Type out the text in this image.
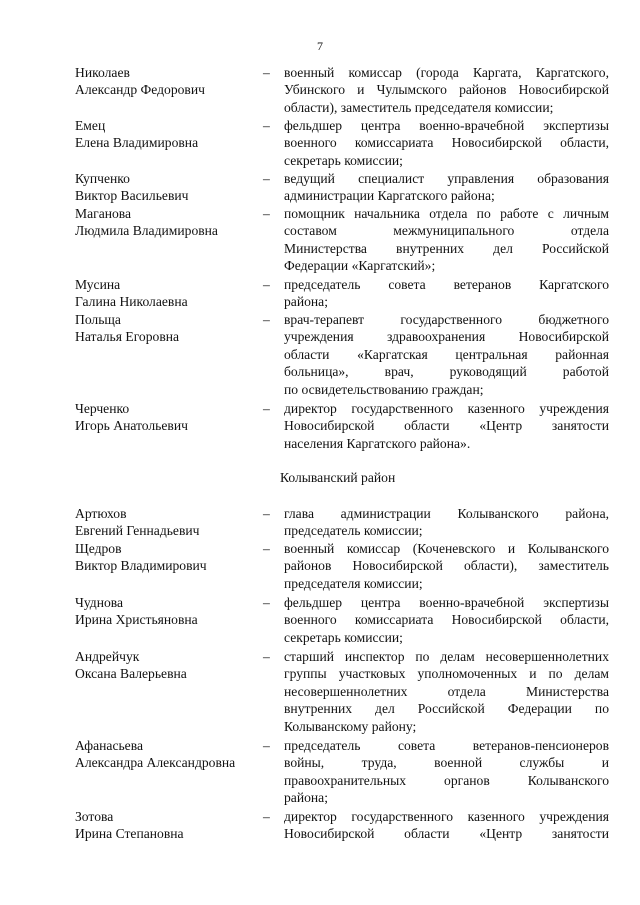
7
Николаев
Александр Федорович
– военный комиссар (города Каргата, Каргатского,
Убинского и Чулымского районов Новосибирской
области), заместитель председателя комиссии;
Емец
Елена Владимировна
– фельдшер центра военно-врачебной экспертизы
военного комиссариата Новосибирской области,
секретарь комиссии;
Купченко
Виктор Васильевич
– ведущий специалист управления образования
администрации Каргатского района;
Маганова
Людмила Владимировна
– помощник начальника отдела по работе с личным
составом межмуниципального отдела
Министерства внутренних дел Российской
Федерации «Каргатский»;
Мусина
Галина Николаевна
– председатель совета ветеранов Каргатского
района;
Польща
Наталья Егоровна
– врач-терапевт государственного бюджетного
учреждения здравоохранения Новосибирской
области «Каргатская центральная районная
больница», врач, руководящий работой
по освидетельствованию граждан;
Черченко
Игорь Анатольевич
– директор государственного казенного учреждения
Новосибирской области «Центр занятости
населения Каргатского района».
Колыванский район
Артюхов
Евгений Геннадьевич
– глава администрации Колыванского района,
председатель комиссии;
Щедров
Виктор Владимирович
– военный комиссар (Коченевского и Колыванского
районов Новосибирской области), заместитель
председателя комиссии;
Чуднова
Ирина Христьяновна
– фельдшер центра военно-врачебной экспертизы
военного комиссариата Новосибирской области,
секретарь комиссии;
Андрейчук
Оксана Валерьевна
– старший инспектор по делам несовершеннолетних
группы участковых уполномоченных и по делам
несовершеннолетних отдела Министерства
внутренних дел Российской Федерации по
Колыванскому району;
Афанасьева
Александра Александровна
– председатель совета ветеранов-пенсионеров
войны, труда, военной службы и
правоохранительных органов Колыванского
района;
Зотова
Ирина Степановна
– директор государственного казенного учреждения
Новосибирской области «Центр занятости
